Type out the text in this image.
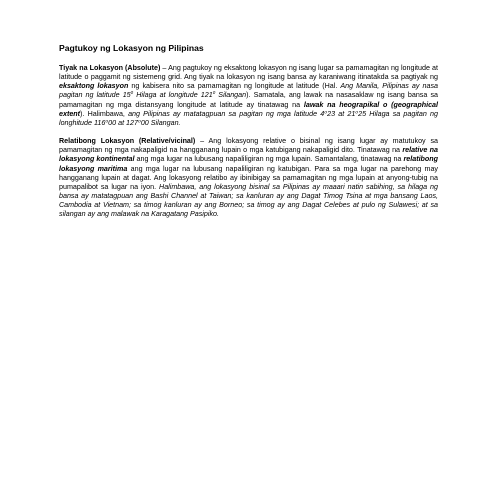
Pagtukoy ng Lokasyon ng Pilipinas

Tiyak na Lokasyon (Absolute) – Ang pagtukoy ng eksaktong lokasyon ng isang lugar sa pamamagitan ng longitude at latitude o paggamit ng sistemeng grid. Ang tiyak na lokasyon ng isang bansa ay karaniwang itinatakda sa pagtiyak ng eksaktong lokasyon ng kabisera nito sa pamamagitan ng longitude at latitude (Hal. Ang Manila, Pilipinas ay nasa pagitan ng latitude $15^0$ Hilaga at longitude $121^0$ Silangan). Samatala, ang lawak na nasasaklaw ng isang bansa sa pamamagitan ng mga distansyang longitude at latitude ay tinatawag na lawak na heograpikal o (geographical extent). Halimbawa, ang Pilipinas ay matatagpuan sa pagitan ng mga latitude 4⁰23 at 21⁰25 Hilaga sa pagitan ng longhitude 116⁰00 at 127⁰00 Silangan.

Relatibong Lokasyon (Relative/vicinal) – Ang lokasyong relative o bisinal ng isang lugar ay matutukoy sa pamamagitan ng mga nakapaligid na hangganang lupain o mga katubigang nakapaligid dito. Tinatawag na relative na lokasyong kontinental ang mga lugar na lubusang napaliligiran ng mga lupain. Samantalang, tinatawag na relatibong lokasyong maritima ang mga lugar na lubusang napaliligiran ng katubigan. Para sa mga lugar na parehong may hangganang lupain at dagat. Ang lokasyong relatibo ay ibinibigay sa pamamagitan ng mga lupain at anyong-tubig na pumapalibot sa lugar na iyon. Halimbawa, ang lokasyong bisinal sa Pilipinas ay maaari natin sabihing, sa hilaga ng bansa ay matatagpuan ang Bashi Channel at Taiwan; sa kanluran ay ang Dagat Timog Tsina at mga bansang Laos, Cambodia at Vietnam; sa timog kanluran ay ang Borneo; sa timog ay ang Dagat Celebes at pulo ng Sulawesi; at sa silangan ay ang malawak na Karagatang Pasipiko.
